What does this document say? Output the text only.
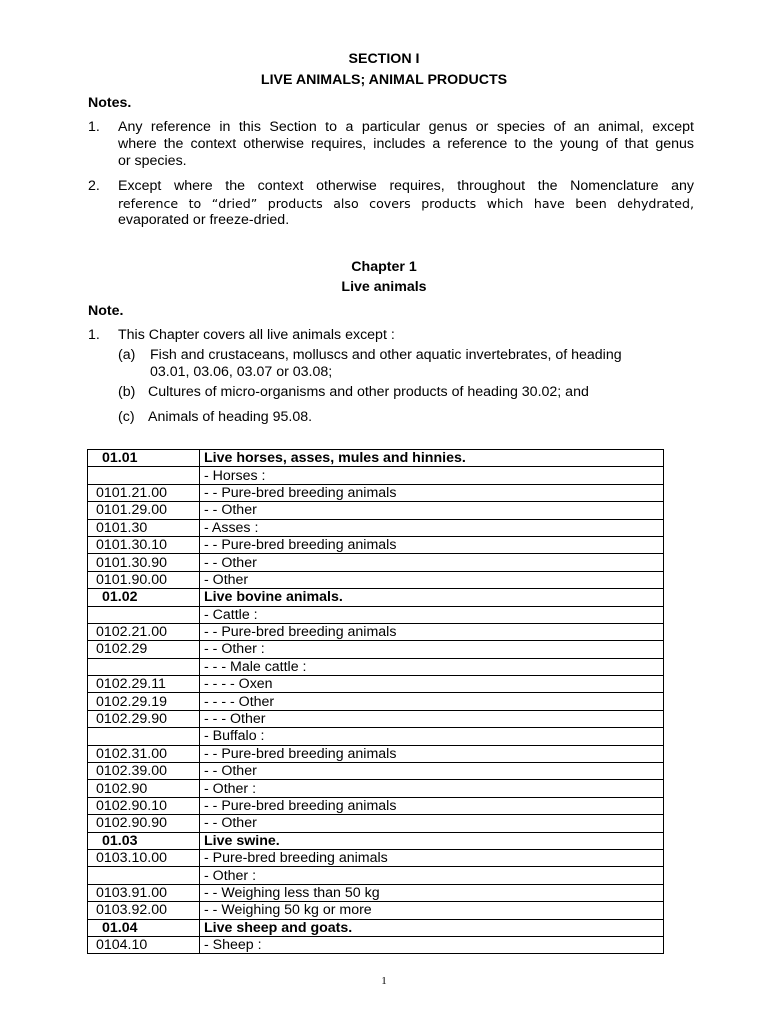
SECTION I
LIVE ANIMALS; ANIMAL PRODUCTS
Notes.
1. Any reference in this Section to a particular genus or species of an animal, except
where the context otherwise requires, includes a reference to the young of that genus
or species.
2. Except where the context otherwise requires, throughout the Nomenclature any
reference to “dried” products also covers products which have been dehydrated,
evaporated or freeze-dried.
Chapter 1
Live animals
Note.
1. This Chapter covers all live animals except :
(a) Fish and crustaceans, molluscs and other aquatic invertebrates, of heading
03.01, 03.06, 03.07 or 03.08;
(b) Cultures of micro-organisms and other products of heading 30.02; and
(c) Animals of heading 95.08.
01.01	Live horses, asses, mules and hinnies.
	- Horses :
0101.21.00	- - Pure-bred breeding animals
0101.29.00	- - Other
0101.30	- Asses :
0101.30.10	- - Pure-bred breeding animals
0101.30.90	- - Other
0101.90.00	- Other
01.02	Live bovine animals.
	- Cattle :
0102.21.00	- - Pure-bred breeding animals
0102.29	- - Other :
	- - - Male cattle :
0102.29.11	- - - - Oxen
0102.29.19	- - - - Other
0102.29.90	- - - Other
	- Buffalo :
0102.31.00	- - Pure-bred breeding animals
0102.39.00	- - Other
0102.90	- Other :
0102.90.10	- - Pure-bred breeding animals
0102.90.90	- - Other
01.03	Live swine.
0103.10.00	- Pure-bred breeding animals
	- Other :
0103.91.00	- - Weighing less than 50 kg
0103.92.00	- - Weighing 50 kg or more
01.04	Live sheep and goats.
0104.10	- Sheep :
1
